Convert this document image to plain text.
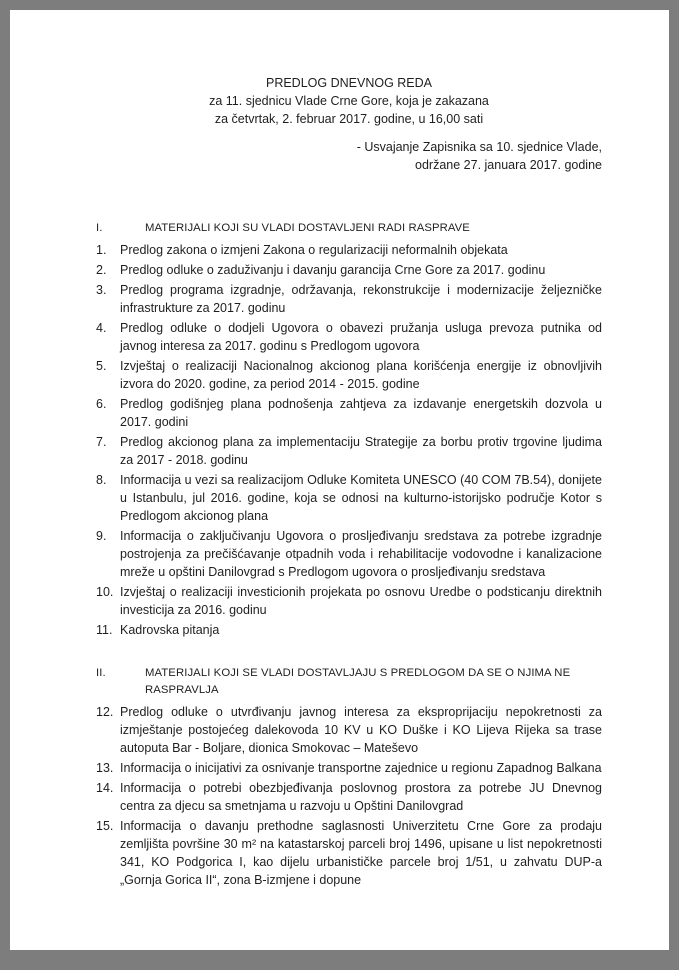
PREDLOG DNEVNOG REDA
za 11. sjednicu Vlade Crne Gore, koja je zakazana
za četvrtak, 2. februar 2017. godine, u 16,00 sati
- Usvajanje Zapisnika sa 10. sjednice Vlade,
održane 27. januara 2017. godine
I.	MATERIJALI KOJI SU VLADI DOSTAVLJENI RADI RASPRAVE
1. Predlog zakona o izmjeni Zakona o regularizaciji neformalnih objekata
2. Predlog odluke o zaduživanju i davanju garancija Crne Gore za 2017. godinu
3. Predlog programa izgradnje, održavanja, rekonstrukcije i modernizacije željezničke infrastrukture za 2017. godinu
4. Predlog odluke o dodjeli Ugovora o obavezi pružanja usluga prevoza putnika od javnog interesa za 2017. godinu s Predlogom ugovora
5. Izvještaj o realizaciji Nacionalnog akcionog plana korišćenja energije iz obnovljivih izvora do 2020. godine, za period 2014 - 2015. godine
6. Predlog godišnjeg plana podnošenja zahtjeva za izdavanje energetskih dozvola u 2017. godini
7. Predlog akcionog plana za implementaciju Strategije za borbu protiv trgovine ljudima za 2017 - 2018. godinu
8. Informacija u vezi sa realizacijom Odluke Komiteta UNESCO (40 COM 7B.54), donijete u Istanbulu, jul 2016. godine, koja se odnosi na kulturno-istorijsko područje Kotor s Predlogom akcionog plana
9. Informacija o zaključivanju Ugovora o prosljeđivanju sredstava za potrebe izgradnje postrojenja za prečišćavanje otpadnih voda i rehabilitacije vodovodne i kanalizacione mreže u opštini Danilovgrad s Predlogom ugovora o prosljeđivanju sredstava
10. Izvještaj o realizaciji investicionih projekata po osnovu Uredbe o podsticanju direktnih investicija za 2016. godinu
11. Kadrovska pitanja
II.	MATERIJALI KOJI SE VLADI DOSTAVLJAJU S PREDLOGOM DA SE O NJIMA NE RASPRAVLJA
12. Predlog odluke o utvrđivanju javnog interesa za eksproprijaciju nepokretnosti za izmještanje postojećeg dalekovoda 10 KV u KO Duške i KO Lijeva Rijeka sa trase autoputa Bar - Boljare, dionica Smokovac – Mateševo
13. Informacija o inicijativi za osnivanje transportne zajednice u regionu Zapadnog Balkana
14. Informacija o potrebi obezbjeđivanja poslovnog prostora za potrebe JU Dnevnog centra za djecu sa smetnjama u razvoju u Opštini Danilovgrad
15. Informacija o davanju prethodne saglasnosti Univerzitetu Crne Gore za prodaju zemljišta površine 30 m² na katastarskoj parceli broj 1496, upisane u list nepokretnosti 341, KO Podgorica I, kao dijelu urbanističke parcele broj 1/51, u zahvatu DUP-a „Gornja Gorica II“, zona B-izmjene i dopune
